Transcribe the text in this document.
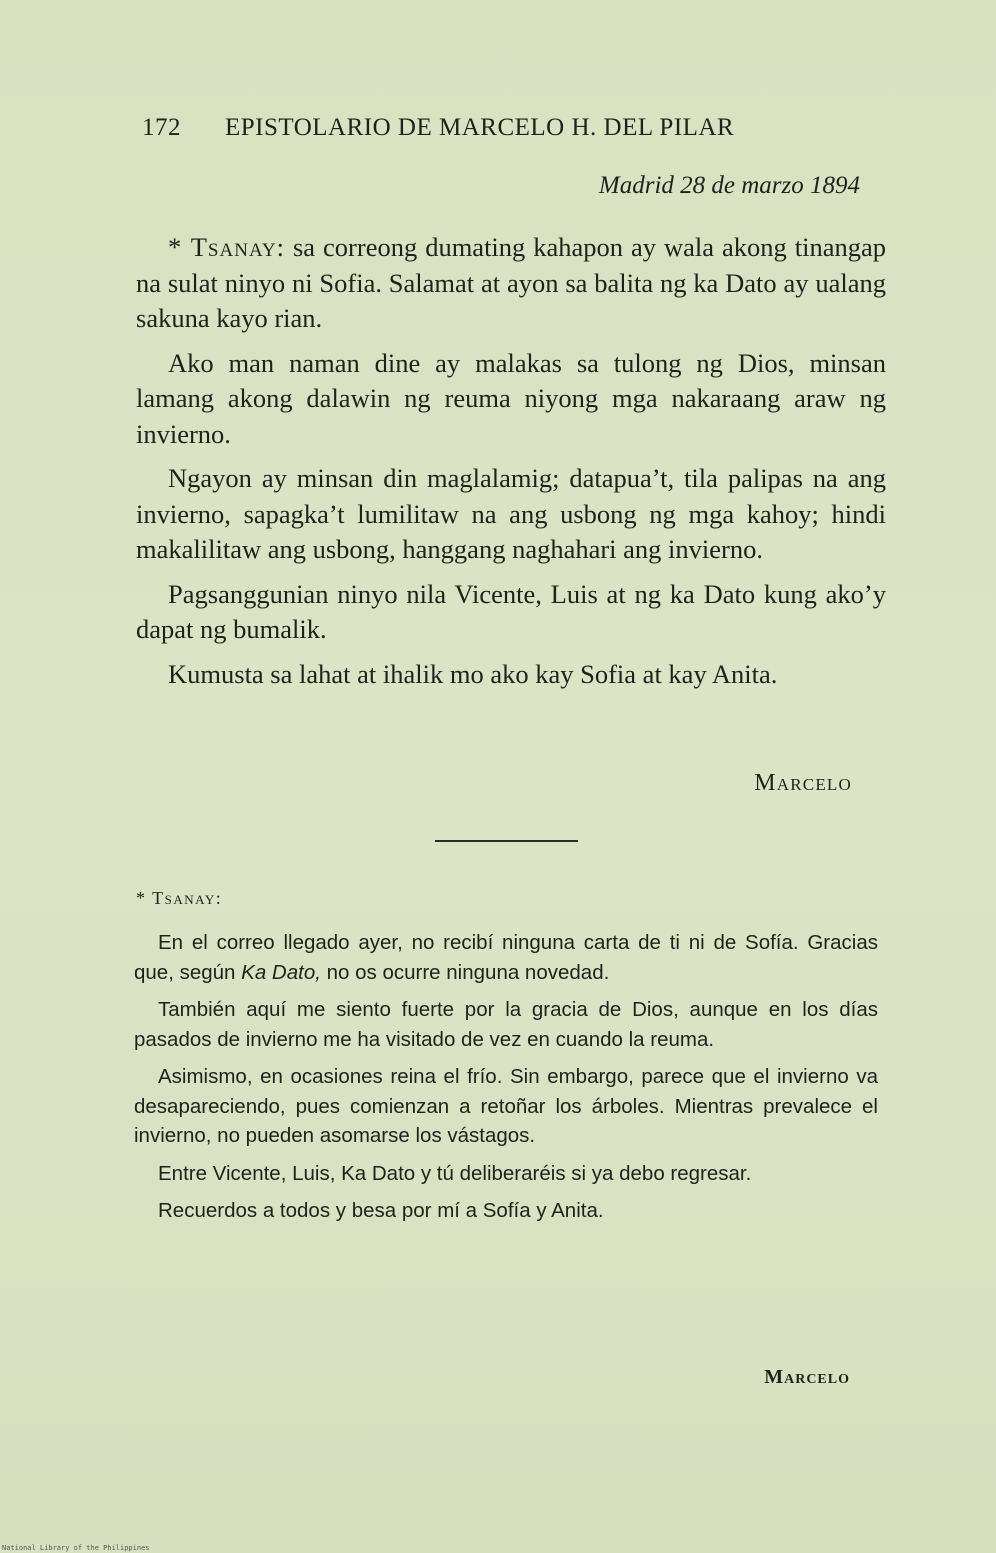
172 EPISTOLARIO DE MARCELO H. DEL PILAR
Madrid 28 de marzo 1894

* Tsanay: sa correong dumating kahapon ay wala akong tinangap na sulat ninyo ni Sofia. Salamat at ayon sa balita ng ka Dato ay ualang sakuna kayo rian.

Ako man naman dine ay malakas sa tulong ng Dios, minsan lamang akong dalawin ng reuma niyong mga nakaraang araw ng invierno.

Ngayon ay minsan din maglalamig; datapua’t, tila palipas na ang invierno, sapagka’t lumilitaw na ang usbong ng mga kahoy; hindi makalilitaw ang usbong, hanggang naghahari ang invierno.

Pagsanggunian ninyo nila Vicente, Luis at ng ka Dato kung ako’y dapat ng bumalik.

Kumusta sa lahat at ihalik mo ako kay Sofia at kay Anita.

Marcelo
* Tsanay:

En el correo llegado ayer, no recibí ninguna carta de ti ni de Sofía. Gracias que, según Ka Dato, no os ocurre ninguna novedad.

También aquí me siento fuerte por la gracia de Dios, aunque en los días pasados de invierno me ha visitado de vez en cuando la reuma.

Asimismo, en ocasiones reina el frío. Sin embargo, parece que el invierno va desapareciendo, pues comienzan a retoñar los árboles. Mientras prevalece el invierno, no pueden asomarse los vástagos.

Entre Vicente, Luis, Ka Dato y tú deliberaréis si ya debo regresar.

Recuerdos a todos y besa por mí a Sofía y Anita.

Marcelo
National Library of the Philippines
